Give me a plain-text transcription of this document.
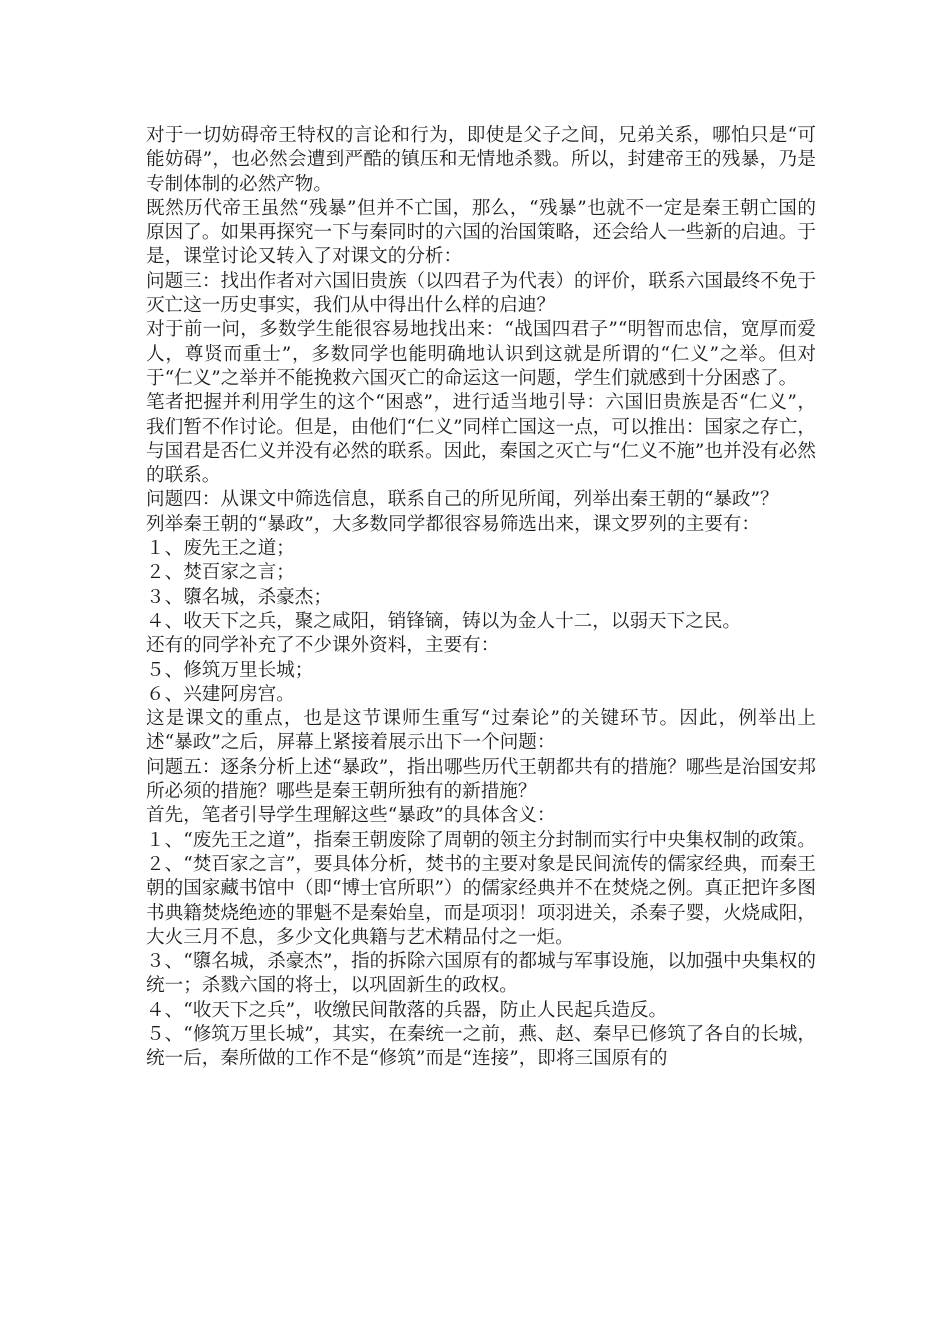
对于一切妨碍帝王特权的言论和行为，即使是父子之间，兄弟关系，哪怕只是“可能妨碍”，也必然会遭到严酷的镇压和无情地杀戮。所以，封建帝王的残暴，乃是专制体制的必然产物。

既然历代帝王虽然“残暴”但并不亡国，那么，“残暴”也就不一定是秦王朝亡国的原因了。如果再探究一下与秦同时的六国的治国策略，还会给人一些新的启迪。于是，课堂讨论又转入了对课文的分析：

问题三：找出作者对六国旧贵族（以四君子为代表）的评价，联系六国最终不免于灭亡这一历史事实，我们从中得出什么样的启迪？

对于前一问，多数学生能很容易地找出来：“战国四君子”“明智而忠信，宽厚而爱人，尊贤而重士”，多数同学也能明确地认识到这就是所谓的“仁义”之举。但对于“仁义”之举并不能挽救六国灭亡的命运这一问题，学生们就感到十分困惑了。

笔者把握并利用学生的这个“困惑”，进行适当地引导：六国旧贵族是否“仁义”，我们暂不作讨论。但是，由他们“仁义”同样亡国这一点，可以推出：国家之存亡，与国君是否仁义并没有必然的联系。因此，秦国之灭亡与“仁义不施”也并没有必然的联系。

问题四：从课文中筛选信息，联系自己的所见所闻，列举出秦王朝的“暴政”？

列举秦王朝的“暴政”，大多数同学都很容易筛选出来，课文罗列的主要有：

１、废先王之道；

２、焚百家之言；

３、隳名城，杀豪杰；

４、收天下之兵，聚之咸阳，销锋镝，铸以为金人十二，以弱天下之民。

还有的同学补充了不少课外资料，主要有：

５、修筑万里长城；

６、兴建阿房宫。

这是课文的重点，也是这节课师生重写“过秦论”的关键环节。因此，例举出上述“暴政”之后，屏幕上紧接着展示出下一个问题：

问题五：逐条分析上述“暴政”，指出哪些历代王朝都共有的措施？哪些是治国安邦所必须的措施？哪些是秦王朝所独有的新措施？

首先，笔者引导学生理解这些“暴政”的具体含义：

１、“废先王之道”，指秦王朝废除了周朝的领主分封制而实行中央集权制的政策。

２、“焚百家之言”，要具体分析，焚书的主要对象是民间流传的儒家经典，而秦王朝的国家藏书馆中（即“博士官所职”）的儒家经典并不在焚烧之例。真正把许多图书典籍焚烧绝迹的罪魁不是秦始皇，而是项羽！项羽进关，杀秦子婴，火烧咸阳，大火三月不息，多少文化典籍与艺术精品付之一炬。

３、“隳名城，杀豪杰”，指的拆除六国原有的都城与军事设施，以加强中央集权的统一；杀戮六国的将士，以巩固新生的政权。

４、“收天下之兵”，收缴民间散落的兵器，防止人民起兵造反。

５、“修筑万里长城”，其实，在秦统一之前，燕、赵、秦早已修筑了各自的长城，统一后，秦所做的工作不是“修筑”而是“连接”，即将三国原有的
